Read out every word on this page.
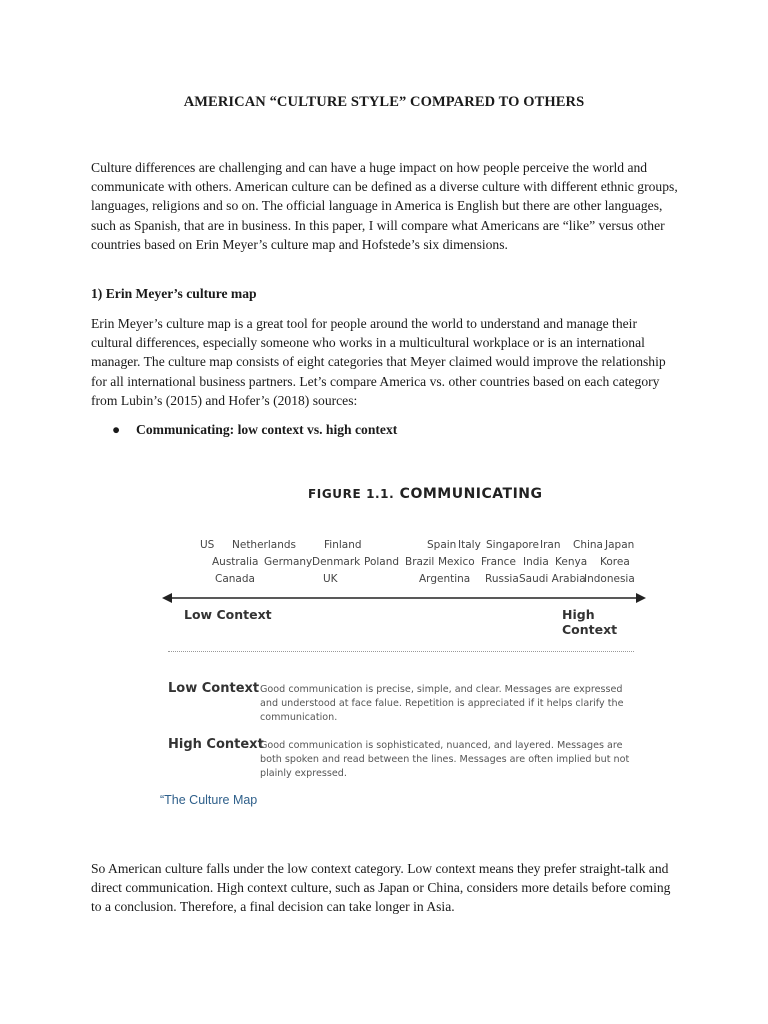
AMERICAN “CULTURE STYLE” COMPARED TO OTHERS
Culture differences are challenging and can have a huge impact on how people perceive the world and communicate with others. American culture can be defined as a diverse culture with different ethnic groups, languages, religions and so on. The official language in America is English but there are other languages, such as Spanish, that are in business. In this paper, I will compare what Americans are “like” versus other countries based on Erin Meyer’s culture map and Hofstede’s six dimensions.
1) Erin Meyer’s culture map
Erin Meyer’s culture map is a great tool for people around the world to understand and manage their cultural differences, especially someone who works in a multicultural workplace or is an international manager. The culture map consists of eight categories that Meyer claimed would improve the relationship for all international business partners. Let’s compare America vs. other countries based on each category from Lubin’s (2015) and Hofer’s (2018) sources:
● Communicating: low context vs. high context
FIGURE 1.1. COMMUNICATING
US Netherlands	Finland	Spain Italy Singapore Iran China Japan
Australia Germany Denmark Poland Brazil Mexico France India Kenya Korea
Canada	UK	Argentina Russia Saudi Arabia
Indonesia
Low Context	High Context
Low Context Good communication is precise, simple, and clear. Messages are expressed and understood at face falue. Repetition is appreciated if it helps clarify the communication.
High Context
Good communication is sophisticated, nuanced, and layered. Messages are both spoken and read between the lines. Messages are often implied but not plainly expressed.
“The Culture Map
So American culture falls under the low context category. Low context means they prefer straight-talk and direct communication. High context culture, such as Japan or China, considers more details before coming to a conclusion. Therefore, a final decision can take longer in Asia.
